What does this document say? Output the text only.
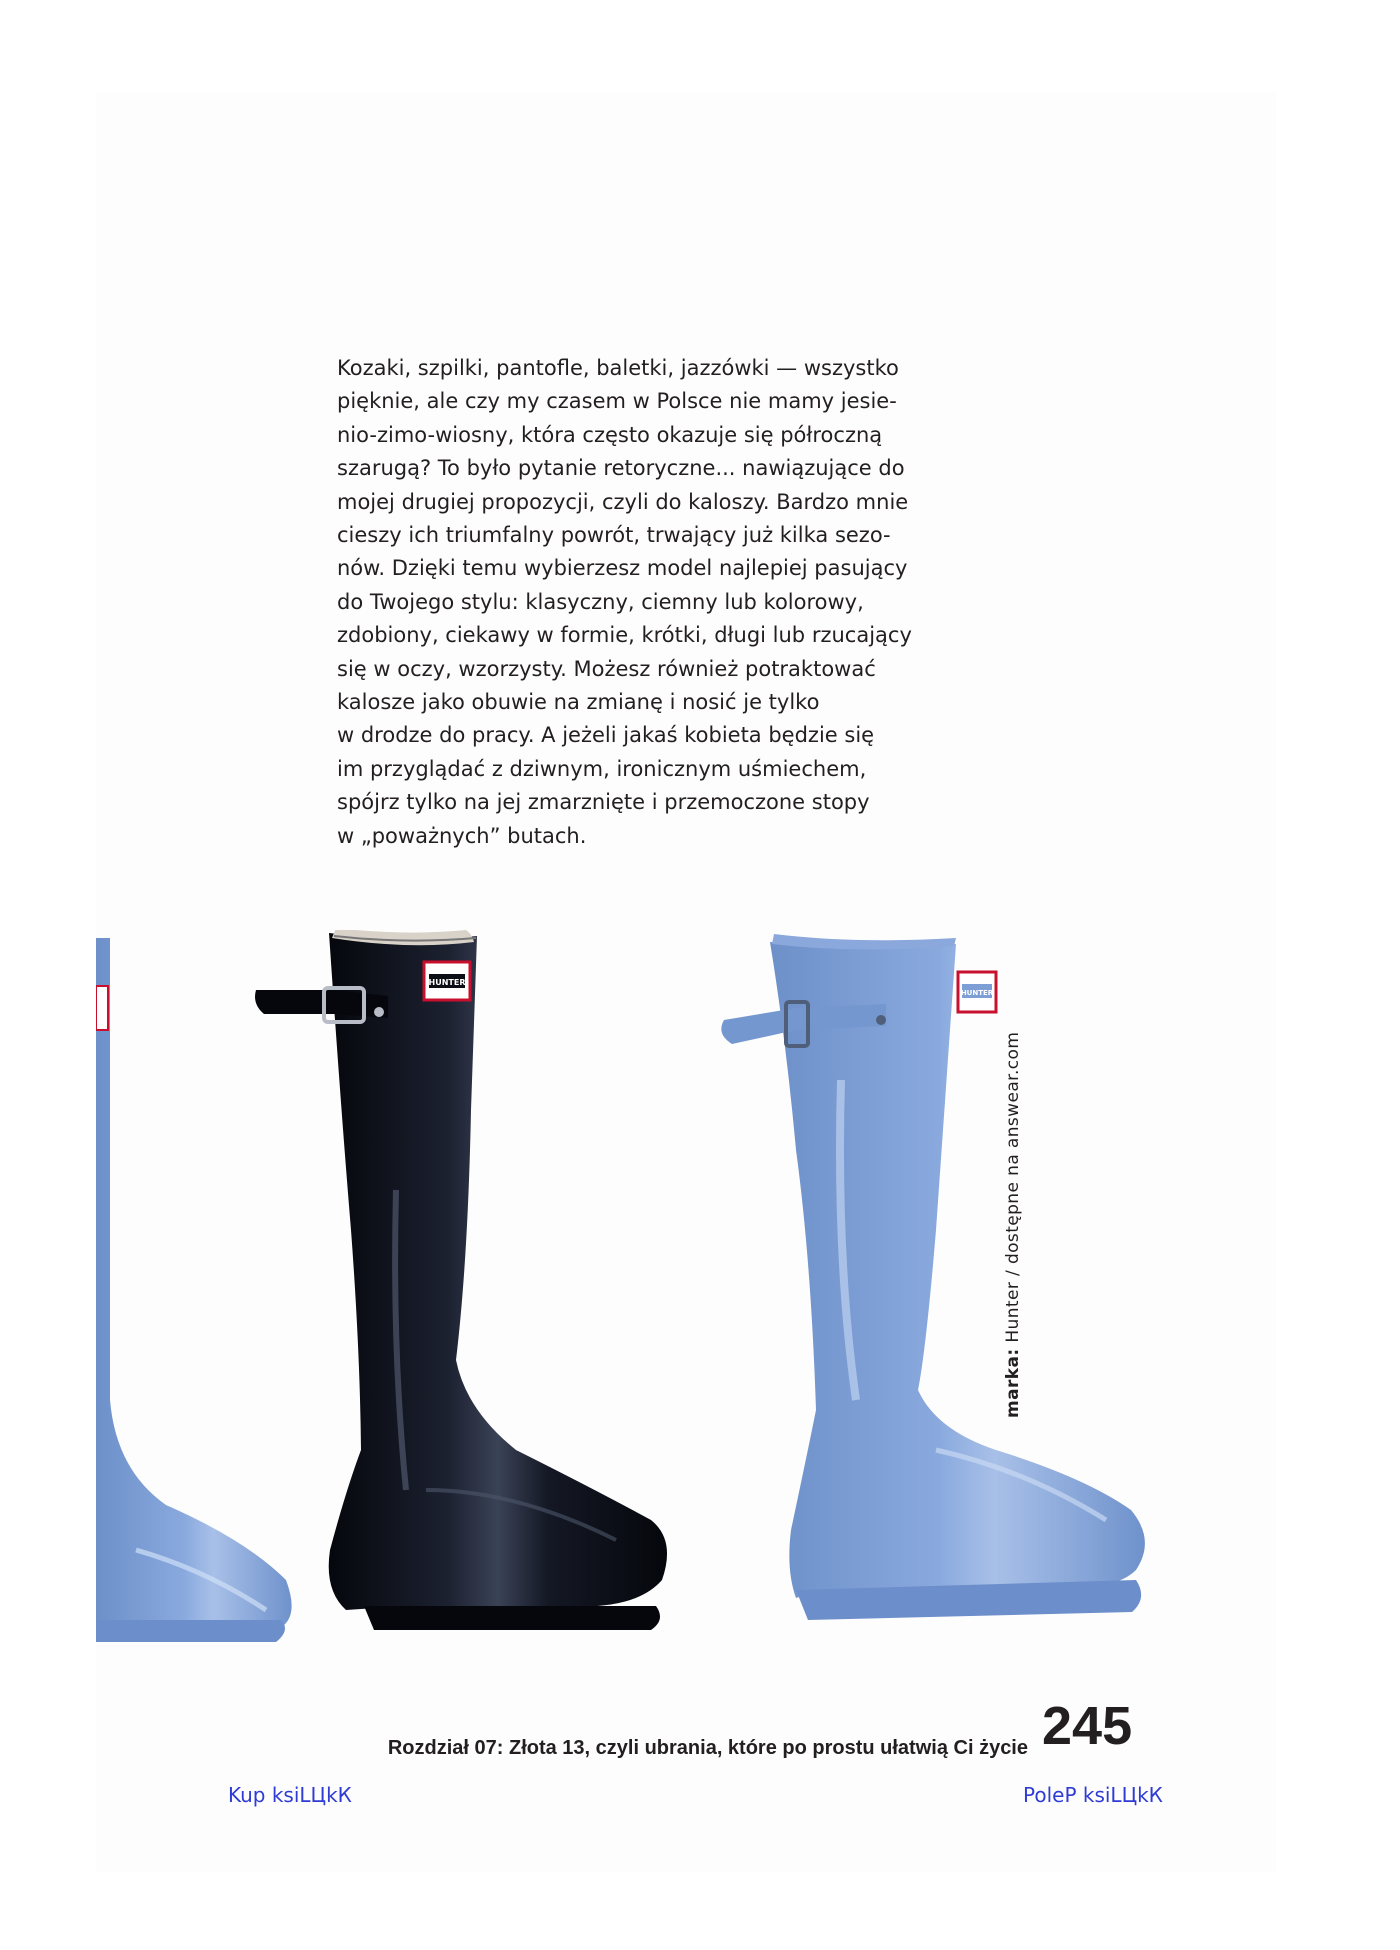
Kozaki, szpilki, pantofle, baletki, jazzówki — wszystko
pięknie, ale czy my czasem w Polsce nie mamy jesie-
nio-zimo-wiosny, która często okazuje się półroczną
szarugą? To było pytanie retoryczne... nawiązujące do
mojej drugiej propozycji, czyli do kaloszy. Bardzo mnie
cieszy ich triumfalny powrót, trwający już kilka sezo-
nów. Dzięki temu wybierzesz model najlepiej pasujący
do Twojego stylu: klasyczny, ciemny lub kolorowy,
zdobiony, ciekawy w formie, krótki, długi lub rzucający
się w oczy, wzorzysty. Możesz również potraktować
kalosze jako obuwie na zmianę i nosić je tylko
w drodze do pracy. A jeżeli jakaś kobieta będzie się
im przyglądać z dziwnym, ironicznym uśmiechem,
spójrz tylko na jej zmarznięte i przemoczone stopy
w „poważnych” butach.
HUNTER
HUNTER
marka: Hunter / dostępne na answear.com
Rozdział 07: Złota 13, czyli ubrania, które po prostu ułatwią Ci życie 245
Kup ksiLЦkК	PoleР ksiLЦkК
